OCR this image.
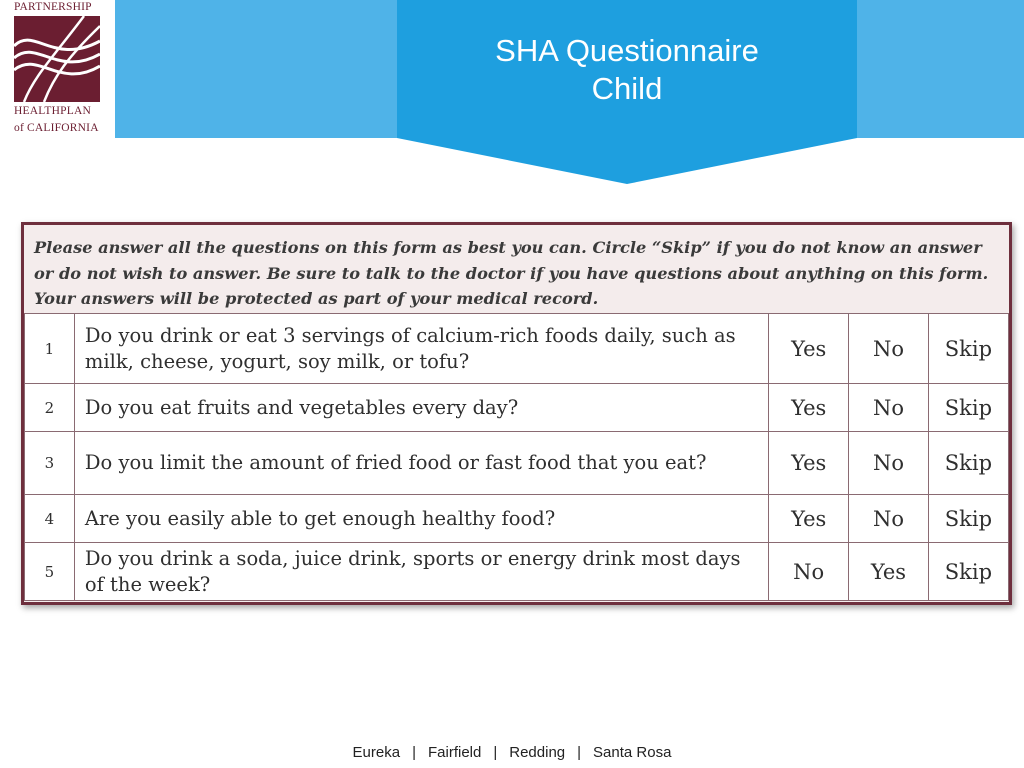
SHA Questionnaire
Child
PARTNERSHIP
HEALTHPLAN
of CALIFORNIA
Please answer all the questions on this form as best you can. Circle “Skip” if you do not know an answer or do not wish to answer. Be sure to talk to the doctor if you have questions about anything on this form. Your answers will be protected as part of your medical record.
1	Do you drink or eat 3 servings of calcium-rich foods daily, such as milk, cheese, yogurt, soy milk, or tofu?	Yes	No	Skip
2	Do you eat fruits and vegetables every day?	Yes	No	Skip
3	Do you limit the amount of fried food or fast food that you eat?	Yes	No	Skip
4	Are you easily able to get enough healthy food?	Yes	No	Skip
5	Do you drink a soda, juice drink, sports or energy drink most days of the week?	No	Yes	Skip
Eureka | Fairfield | Redding | Santa Rosa
